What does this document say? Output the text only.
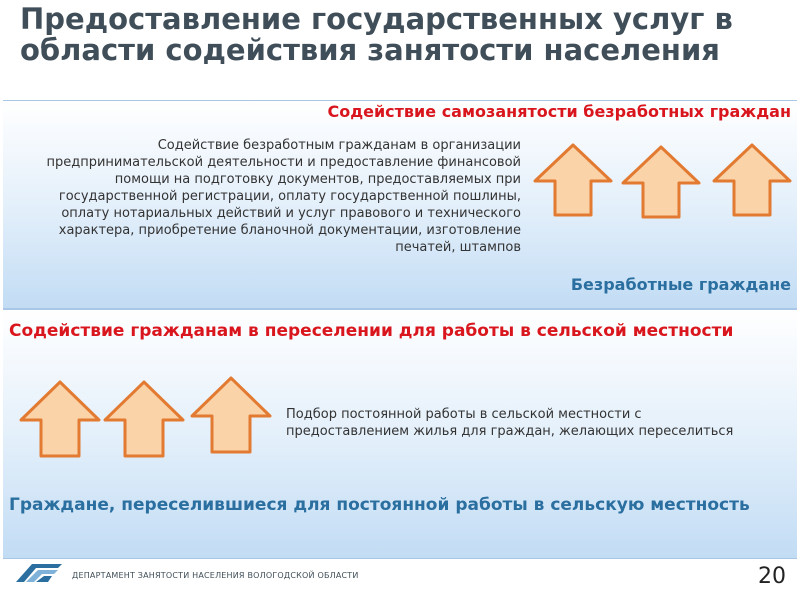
Предоставление государственных услуг в области содействия занятости населения
Содействие самозанятости безработных граждан

Содействие безработным гражданам в организации предпринимательской деятельности и предоставление финансовой помощи на подготовку документов, предоставляемых при государственной регистрации, оплату государственной пошлины, оплату нотариальных действий и услуг правового и технического характера, приобретение бланочной документации, изготовление печатей, штампов

Безработные граждане

Содействие гражданам в переселении для работы в сельской местности

Подбор постоянной работы в сельской местности с предоставлением жилья для граждан, желающих переселиться

Граждане, переселившиеся для постоянной работы в сельскую местность

ДЕПАРТАМЕНТ ЗАНЯТОСТИ НАСЕЛЕНИЯ ВОЛОГОДСКОЙ ОБЛАСТИ	20
